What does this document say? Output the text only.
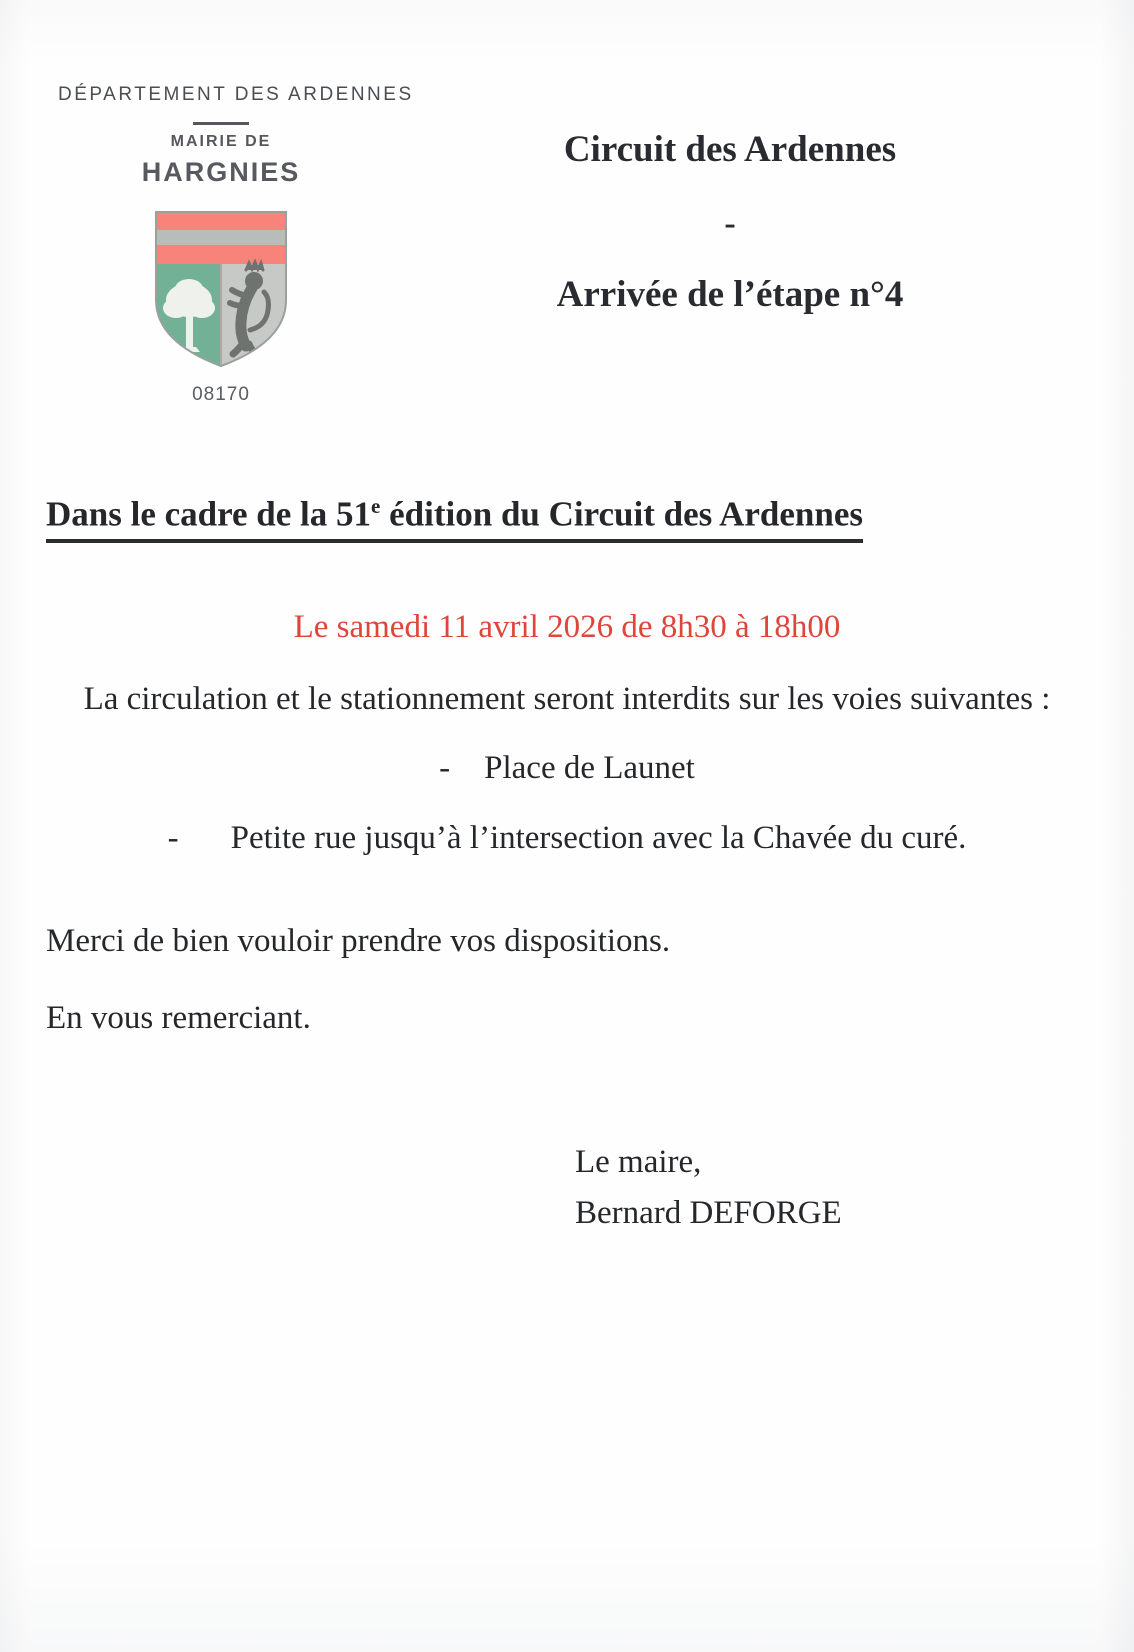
DÉPARTEMENT DES ARDENNES
MAIRIE DE
HARGNIES
08170
Circuit des Ardennes
-
Arrivée de l’étape n°4
Dans le cadre de la 51e édition du Circuit des Ardennes
Le samedi 11 avril 2026 de 8h30 à 18h00
La circulation et le stationnement seront interdits sur les voies suivantes :
- Place de Launet
- Petite rue jusqu’à l’intersection avec la Chavée du curé.
Merci de bien vouloir prendre vos dispositions.
En vous remerciant.
Le maire,
Bernard DEFORGE
